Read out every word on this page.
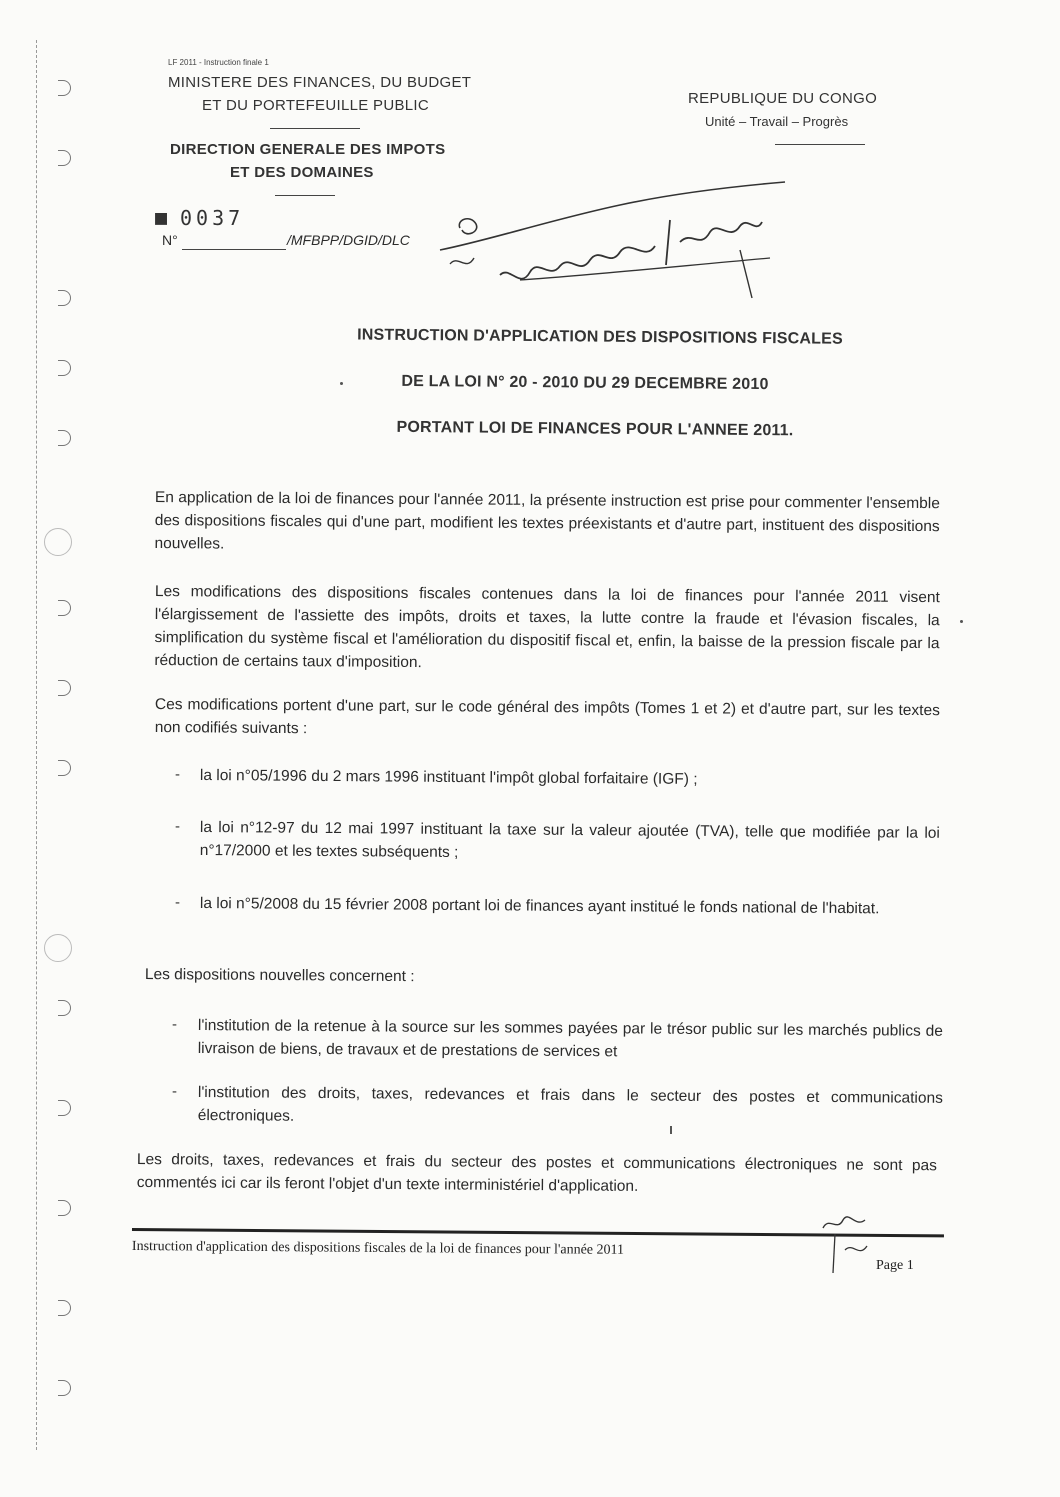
LF 2011 - Instruction finale 1
MINISTERE DES FINANCES, DU BUDGET
ET DU PORTEFEUILLE PUBLIC
DIRECTION GENERALE DES IMPOTS
ET DES DOMAINES
REPUBLIQUE DU CONGO
Unité – Travail – Progrès
■ 0037
N°	/MFBPP/DGID/DLC
INSTRUCTION D'APPLICATION DES DISPOSITIONS FISCALES
DE LA LOI N° 20 - 2010 DU 29 DECEMBRE 2010
PORTANT LOI DE FINANCES POUR L'ANNEE 2011.
En application de la loi de finances pour l'année 2011, la présente instruction est prise pour commenter l'ensemble des dispositions fiscales qui d'une part, modifient les textes préexistants et d'autre part, instituent des dispositions nouvelles.
Les modifications des dispositions fiscales contenues dans la loi de finances pour l'année 2011 visent l'élargissement de l'assiette des impôts, droits et taxes, la lutte contre la fraude et l'évasion fiscales, la simplification du système fiscal et l'amélioration du dispositif fiscal et, enfin, la baisse de la pression fiscale par la réduction de certains taux d'imposition.
Ces modifications portent d'une part, sur le code général des impôts (Tomes 1 et 2) et d'autre part, sur les textes non codifiés suivants :
- la loi n°05/1996 du 2 mars 1996 instituant l'impôt global forfaitaire (IGF) ;
- la loi n°12-97 du 12 mai 1997 instituant la taxe sur la valeur ajoutée (TVA), telle que modifiée par la loi n°17/2000 et les textes subséquents ;
- la loi n°5/2008 du 15 février 2008 portant loi de finances ayant institué le fonds national de l'habitat.
Les dispositions nouvelles concernent :
- l'institution de la retenue à la source sur les sommes payées par le trésor public sur les marchés publics de livraison de biens, de travaux et de prestations de services et
- l'institution des droits, taxes, redevances et frais dans le secteur des postes et communications électroniques.
Les droits, taxes, redevances et frais du secteur des postes et communications électroniques ne sont pas commentés ici car ils feront l'objet d'un texte interministériel d'application.
Instruction d'application des dispositions fiscales de la loi de finances pour l'année 2011
Page 1
